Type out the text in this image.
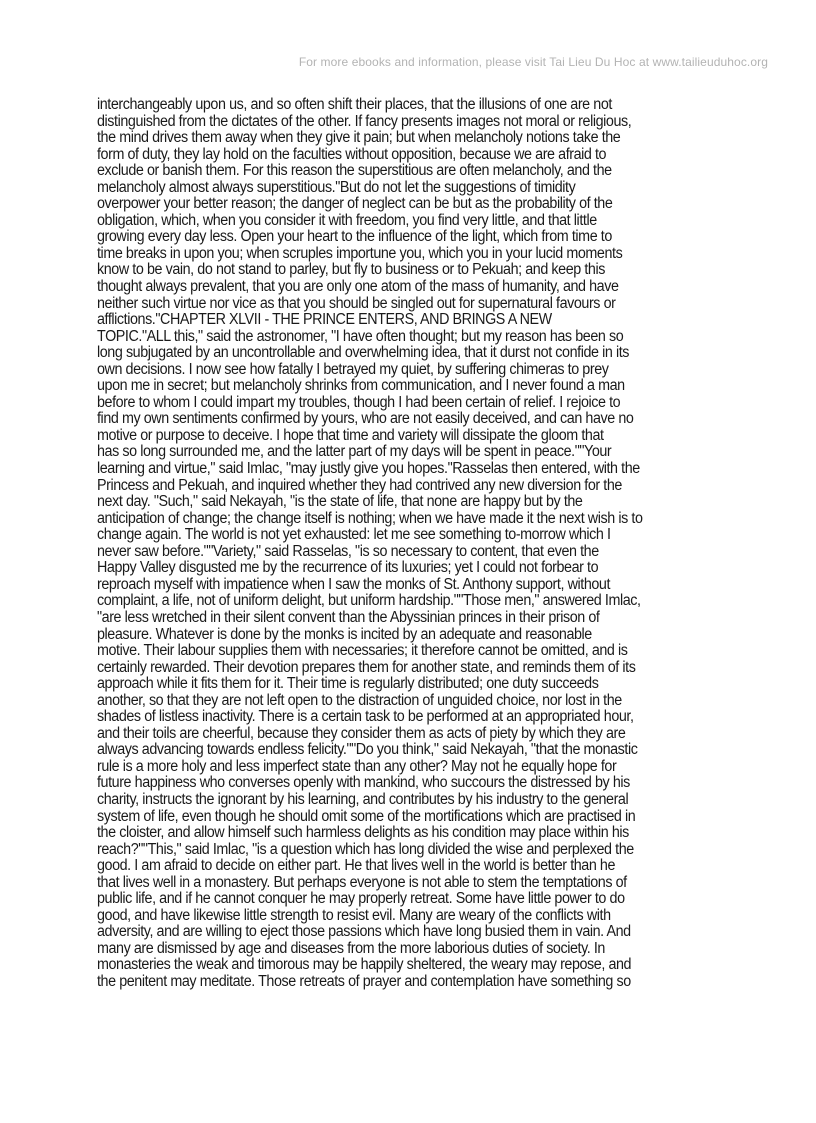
For more ebooks and information, please visit Tai Lieu Du Hoc at www.tailieuduhoc.org
interchangeably upon us, and so often shift their places, that the illusions of one are not
distinguished from the dictates of the other. If fancy presents images not moral or religious,
the mind drives them away when they give it pain; but when melancholy notions take the
form of duty, they lay hold on the faculties without opposition, because we are afraid to
exclude or banish them. For this reason the superstitious are often melancholy, and the
melancholy almost always superstitious."But do not let the suggestions of timidity
overpower your better reason; the danger of neglect can be but as the probability of the
obligation, which, when you consider it with freedom, you find very little, and that little
growing every day less. Open your heart to the influence of the light, which from time to
time breaks in upon you; when scruples importune you, which you in your lucid moments
know to be vain, do not stand to parley, but fly to business or to Pekuah; and keep this
thought always prevalent, that you are only one atom of the mass of humanity, and have
neither such virtue nor vice as that you should be singled out for supernatural favours or
afflictions."CHAPTER XLVII - THE PRINCE ENTERS, AND BRINGS A NEW
TOPIC."ALL this," said the astronomer, "I have often thought; but my reason has been so
long subjugated by an uncontrollable and overwhelming idea, that it durst not confide in its
own decisions. I now see how fatally I betrayed my quiet, by suffering chimeras to prey
upon me in secret; but melancholy shrinks from communication, and I never found a man
before to whom I could impart my troubles, though I had been certain of relief. I rejoice to
find my own sentiments confirmed by yours, who are not easily deceived, and can have no
motive or purpose to deceive. I hope that time and variety will dissipate the gloom that
has so long surrounded me, and the latter part of my days will be spent in peace.""Your
learning and virtue," said Imlac, "may justly give you hopes."Rasselas then entered, with the
Princess and Pekuah, and inquired whether they had contrived any new diversion for the
next day. "Such," said Nekayah, "is the state of life, that none are happy but by the
anticipation of change; the change itself is nothing; when we have made it the next wish is to
change again. The world is not yet exhausted: let me see something to-morrow which I
never saw before.""Variety," said Rasselas, "is so necessary to content, that even the
Happy Valley disgusted me by the recurrence of its luxuries; yet I could not forbear to
reproach myself with impatience when I saw the monks of St. Anthony support, without
complaint, a life, not of uniform delight, but uniform hardship.""Those men," answered Imlac,
"are less wretched in their silent convent than the Abyssinian princes in their prison of
pleasure. Whatever is done by the monks is incited by an adequate and reasonable
motive. Their labour supplies them with necessaries; it therefore cannot be omitted, and is
certainly rewarded. Their devotion prepares them for another state, and reminds them of its
approach while it fits them for it. Their time is regularly distributed; one duty succeeds
another, so that they are not left open to the distraction of unguided choice, nor lost in the
shades of listless inactivity. There is a certain task to be performed at an appropriated hour,
and their toils are cheerful, because they consider them as acts of piety by which they are
always advancing towards endless felicity.""Do you think," said Nekayah, "that the monastic
rule is a more holy and less imperfect state than any other? May not he equally hope for
future happiness who converses openly with mankind, who succours the distressed by his
charity, instructs the ignorant by his learning, and contributes by his industry to the general
system of life, even though he should omit some of the mortifications which are practised in
the cloister, and allow himself such harmless delights as his condition may place within his
reach?""This," said Imlac, "is a question which has long divided the wise and perplexed the
good. I am afraid to decide on either part. He that lives well in the world is better than he
that lives well in a monastery. But perhaps everyone is not able to stem the temptations of
public life, and if he cannot conquer he may properly retreat. Some have little power to do
good, and have likewise little strength to resist evil. Many are weary of the conflicts with
adversity, and are willing to eject those passions which have long busied them in vain. And
many are dismissed by age and diseases from the more laborious duties of society. In
monasteries the weak and timorous may be happily sheltered, the weary may repose, and
the penitent may meditate. Those retreats of prayer and contemplation have something so
